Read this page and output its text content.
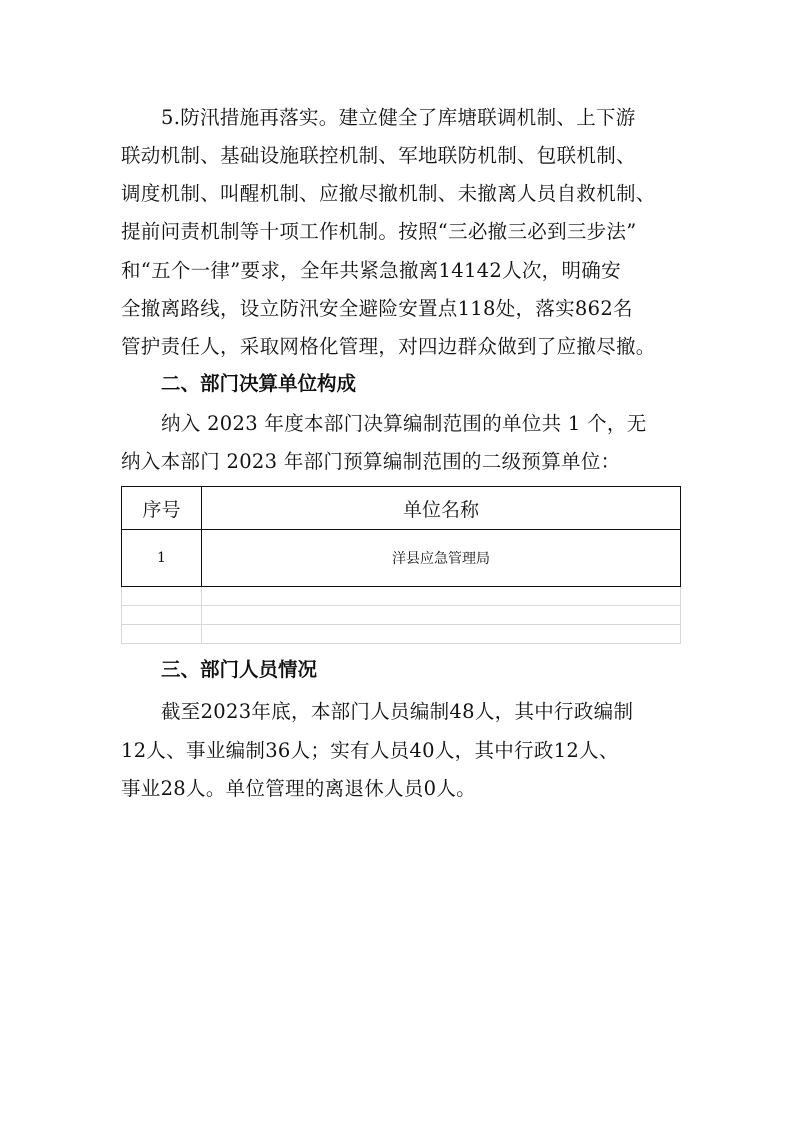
5.防汛措施再落实。建立健全了库塘联调机制、上下游
联动机制、基础设施联控机制、军地联防机制、包联机制、
调度机制、叫醒机制、应撤尽撤机制、未撤离人员自救机制、
提前问责机制等十项工作机制。按照“三必撤三必到三步法”
和“五个一律”要求，全年共紧急撤离14142人次，明确安
全撤离路线，设立防汛安全避险安置点118处，落实862名
管护责任人，采取网格化管理，对四边群众做到了应撤尽撤。
二、部门决算单位构成
纳入 2023 年度本部门决算编制范围的单位共 1 个，无
纳入本部门 2023 年部门预算编制范围的二级预算单位：
序号	单位名称
1	洋县应急管理局

三、部门人员情况
截至2023年底，本部门人员编制48人，其中行政编制
12人、事业编制36人；实有人员40人，其中行政12人、
事业28人。单位管理的离退休人员0人。
